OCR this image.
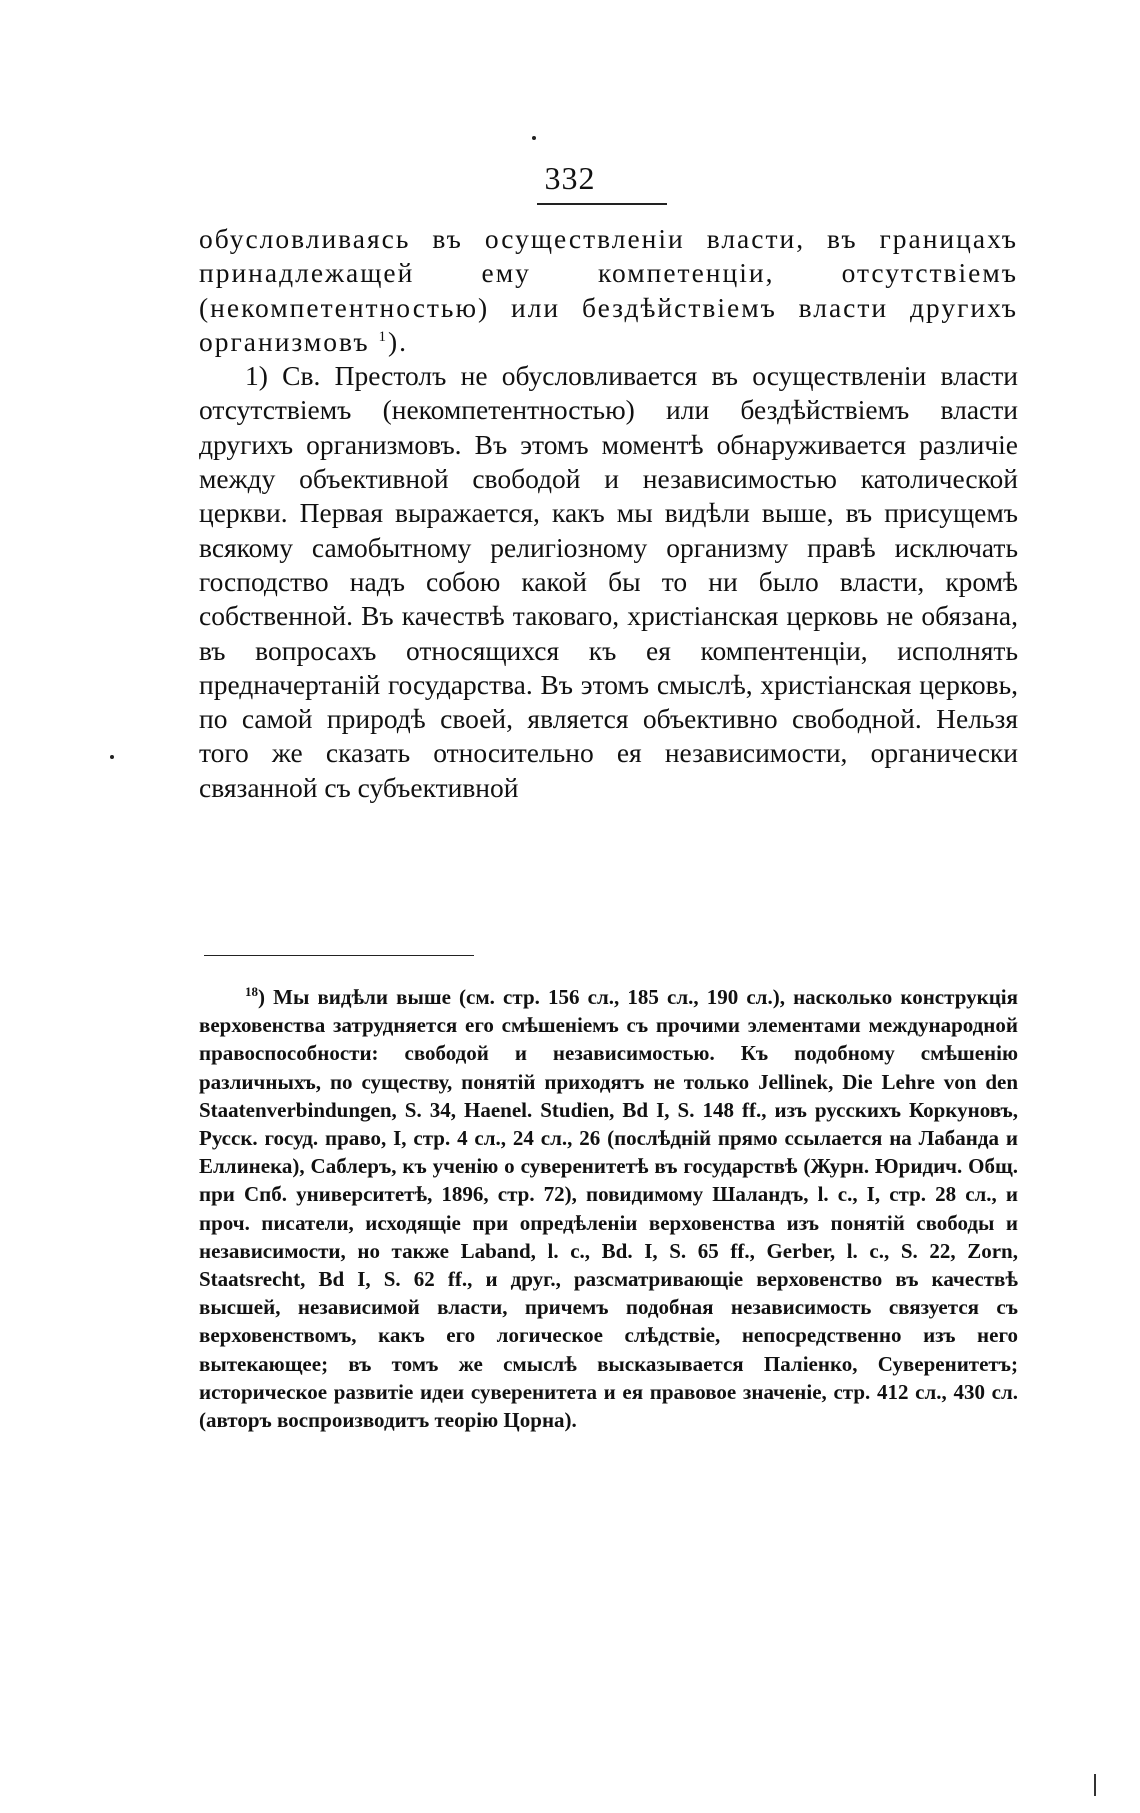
332

обусловливаясь въ осуществленіи власти, въ границахъ принадлежащей ему компетенціи, отсутствіемъ (некомпетентностью) или бездѣйствіемъ власти другихъ организмовъ $^1$).

1) Св. Престолъ не обусловливается въ осуществленіи власти отсутствіемъ (некомпетентностью) или бездѣйствіемъ власти другихъ организмовъ. Въ этомъ моментѣ обнаруживается различіе между объективной свободой и независимостью католической церкви. Первая выражается, какъ мы видѣли выше, въ присущемъ всякому самобытному религіозному организму правѣ исключать господство надъ собою какой бы то ни было власти, кромѣ собственной. Въ качествѣ таковаго, христіанская церковь не обязана, въ вопросахъ относящихся къ ея компентенціи, исполнять предначертаній государства. Въ этомъ смыслѣ, христіанская церковь, по самой природѣ своей, является объективно свободной. Нельзя того же сказать относительно ея независимости, органически связанной съ субъективной

$^{18}$) Мы видѣли выше (см. стр. 156 сл., 185 сл., 190 сл.), насколько конструкція верховенства затрудняется его смѣшеніемъ съ прочими элементами международной правоспособности: свободой и независимостью. Къ подобному смѣшенію различныхъ, по существу, понятій приходятъ не только Jellinek, Die Lehre von den Staatenverbindungen, S. 34, Haenel. Studien, Bd I, S. 148 ff., изъ русскихъ Коркуновъ, Русск. госуд. право, I, стр. 4 сл., 24 сл., 26 (послѣдній прямо ссылается на Лабанда и Еллинека), Саблеръ, къ ученію о суверенитетѣ въ государствѣ (Журн. Юридич. Общ. при Спб. университетѣ, 1896, стр. 72), повидимому Шаландъ, l. c., I, стр. 28 сл., и проч. писатели, исходящіе при опредѣленіи верховенства изъ понятій свободы и независимости, но также Laband, l. c., Bd. I, S. 65 ff., Gerber, l. c., S. 22, Zorn, Staatsrecht, Bd I, S. 62 ff., и друг., разсматривающіе верховенство въ качествѣ высшей, независимой власти, причемъ подобная независимость связуется съ верховенствомъ, какъ его логическое слѣдствіе, непосредственно изъ него вытекающее; въ томъ же смыслѣ высказывается Паліенко, Суверенитетъ; историческое развитіе идеи суверенитета и ея правовое значеніе, стр. 412 сл., 430 сл. (авторъ воспроизводитъ теорію Цорна).
